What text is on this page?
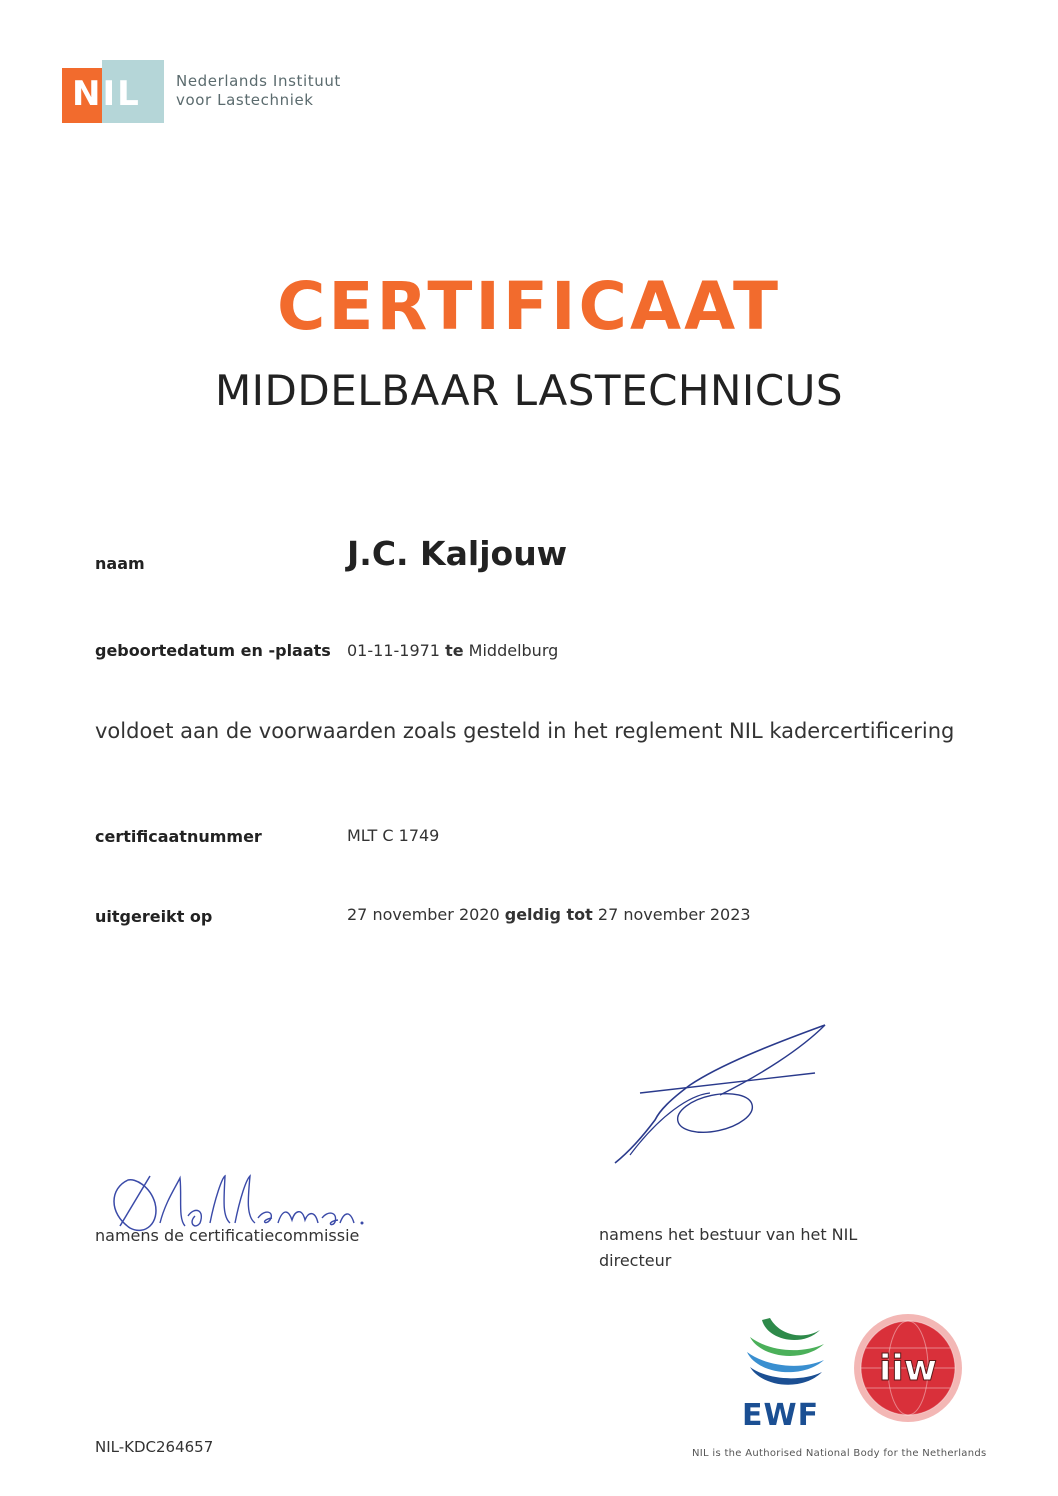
NIL Nederlands Instituut
voor Lastechniek
CERTIFICAAT
MIDDELBAAR LASTECHNICUS
naam	J.C. Kaljouw
geboortedatum en -plaats 01-11-1971 te Middelburg
voldoet aan de voorwaarden zoals gesteld in het reglement NIL kadercertificering
certificaatnummer	MLT C 1749
uitgereikt op	27 november 2020 geldig tot 27 november 2023
namens de certificatiecommissie	namens het bestuur van het NIL
directeur
EWF
iiw
NIL-KDC264657	NIL is the Authorised National Body for the Netherlands
